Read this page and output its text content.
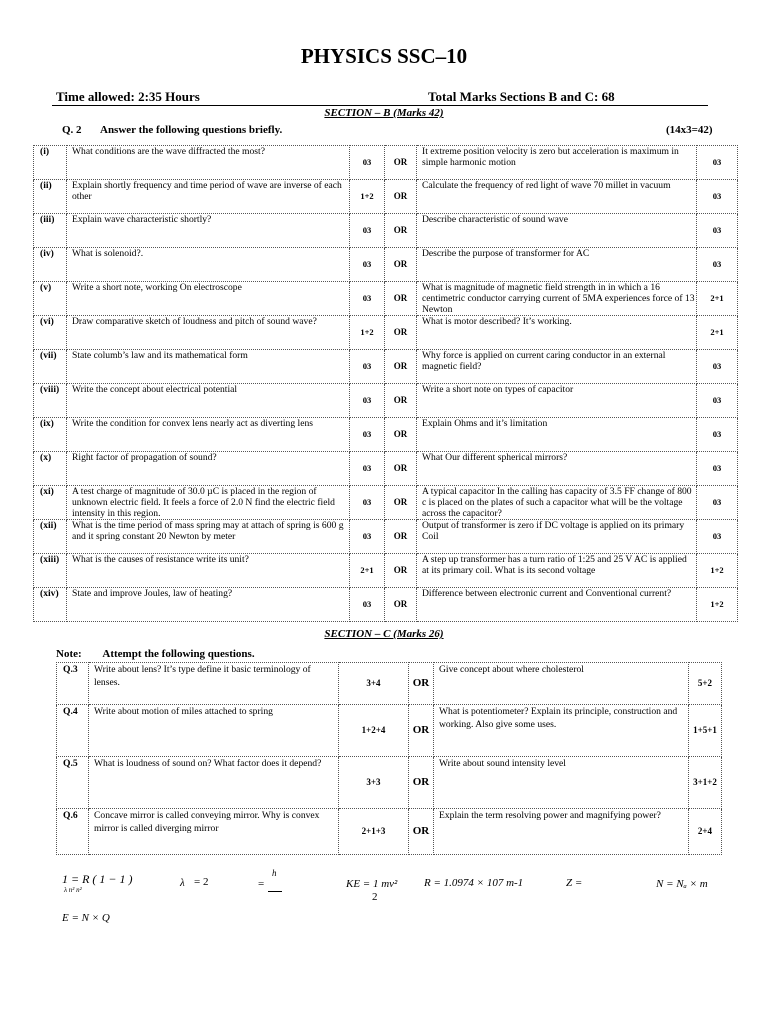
PHYSICS SSC–10
Time allowed: 2:35 Hours	Total Marks Sections B and C: 68
SECTION – B (Marks 42)
Q. 2 Answer the following questions briefly.	(14x3=42)
(i)	What conditions are the wave diffracted the most?	03	OR	It extreme position velocity is zero but acceleration is maximum in simple harmonic motion	03
(ii)	Explain shortly frequency and time period of wave are inverse of each other	1+2	OR	Calculate the frequency of red light of wave 70 millet in vacuum	03
(iii)	Explain wave characteristic shortly?	03	OR	Describe characteristic of sound wave	03
(iv)	What is solenoid?.	03	OR	Describe the purpose of transformer for AC	03
(v)	Write a short note, working On electroscope	03	OR	What is magnitude of magnetic field strength in in which a 16 centimetric conductor carrying current of 5MA experiences force of 13 Newton	2+1
(vi)	Draw comparative sketch of loudness and pitch of sound wave?	1+2	OR	What is motor described? It’s working.	2+1
(vii)	State columb’s law and its mathematical form	03	OR	Why force is applied on current caring conductor in an external magnetic field?	03
(viii)	Write the concept about electrical potential	03	OR	Write a short note on types of capacitor	03
(ix)	Write the condition for convex lens nearly act as diverting lens	03	OR	Explain Ohms and it’s limitation	03
(x)	Right factor of propagation of sound?	03	OR	What Our different spherical mirrors?	03
(xi)	A test charge of magnitude of 30.0 µC is placed in the region of unknown electric field. It feels a force of 2.0 N find the electric field intensity in this region.	03	OR	A typical capacitor In the calling has capacity of 3.5 FF change of 800 c is placed on the plates of such a capacitor what will be the voltage across the capacitor?	03
(xii)	What is the time period of mass spring may at attach of spring is 600 g and it spring constant 20 Newton by meter	03	OR	Output of transformer is zero if DC voltage is applied on its primary Coil	03
(xiii)	What is the causes of resistance write its unit?	2+1	OR	A step up transformer has a turn ratio of 1:25 and 25 V AC is applied at its primary coil. What is its second voltage	1+2
(xiv)	State and improve Joules, law of heating?	03	OR	Difference between electronic current and Conventional current?	1+2
SECTION – C (Marks 26)
Note: Attempt the following questions.
Q.3	Write about lens? It’s type define it basic terminology of lenses.	3+4	OR	Give concept about where cholesterol	5+2
Q.4	Write about motion of miles attached to spring	1+2+4	OR	What is potentiometer? Explain its principle, construction and working. Also give some uses.	1+5+1
Q.5	What is loudness of sound on? What factor does it depend?	3+3	OR	Write about sound intensity level	3+1+2
Q.6	Concave mirror is called conveying mirror. Why is convex mirror is called diverging mirror	2+1+3	OR	Explain the term resolving power and magnifying power?	2+4
1 = R ( 1 − 1 )
λ n² n²
λ = 2	=
h
KE = 1 mv²
2
R = 1.0974 × 107 m-1	Z =	N = Nₐ × m
E = N × Q
